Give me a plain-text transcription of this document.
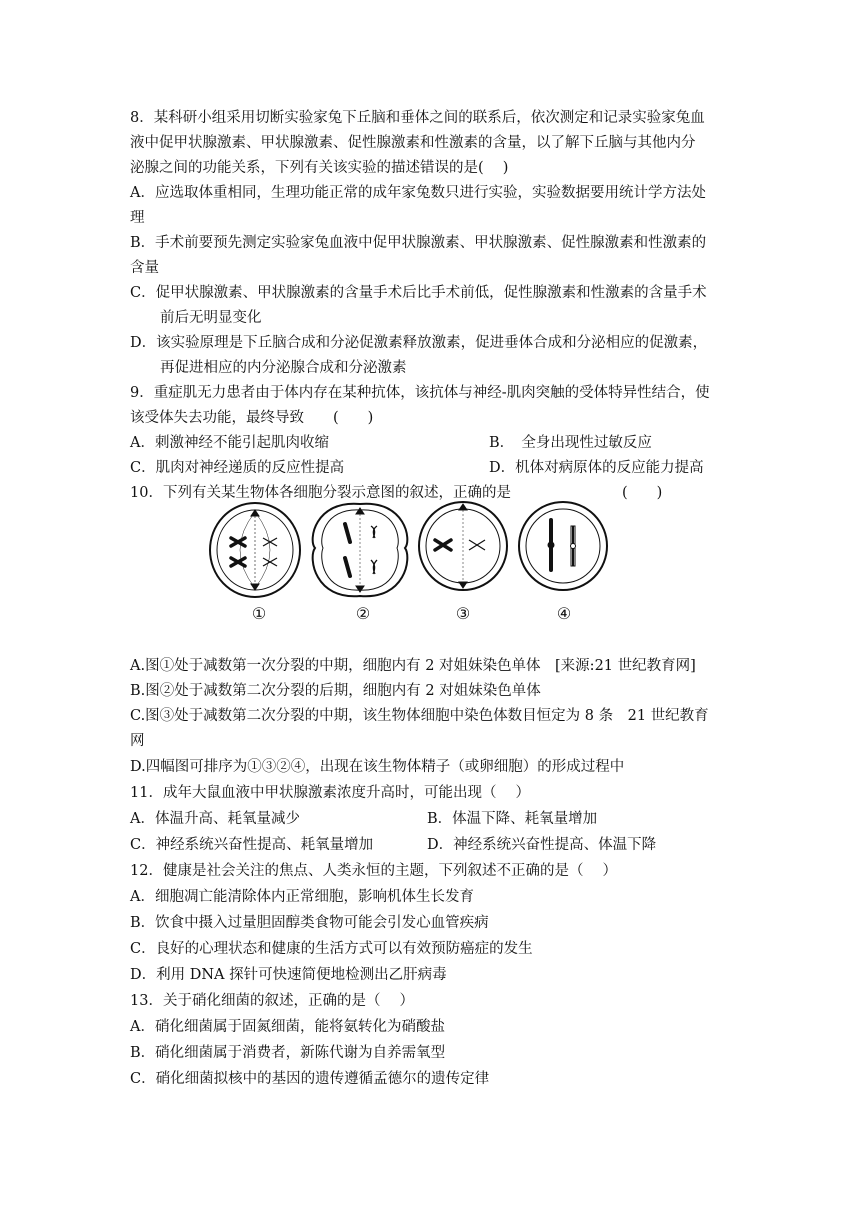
8．某科研小组采用切断实验家兔下丘脑和垂体之间的联系后，依次测定和记录实验家兔血
液中促甲状腺激素、甲状腺激素、促性腺激素和性激素的含量，以了解下丘脑与其他内分
泌腺之间的功能关系，下列有关该实验的描述错误的是(　 )
A．应选取体重相同，生理功能正常的成年家兔数只进行实验，实验数据要用统计学方法处
理
B．手术前要预先测定实验家兔血液中促甲状腺激素、甲状腺激素、促性腺激素和性激素的
含量
C．促甲状腺激素、甲状腺激素的含量手术后比手术前低，促性腺激素和性激素的含量手术
前后无明显变化
D．该实验原理是下丘脑合成和分泌促激素释放激素，促进垂体合成和分泌相应的促激素，
再促进相应的内分泌腺合成和分泌激素
9．重症肌无力患者由于体内存在某种抗体，该抗体与神经-肌肉突触的受体特异性结合，使
该受体失去功能，最终导致　　(　　)
A．刺激神经不能引起肌肉收缩	B．　全身出现性过敏反应
C．肌肉对神经递质的反应性提高	D．机体对病原体的反应能力提高
10．下列有关某生物体各细胞分裂示意图的叙述，正确的是	(　　)
①	②	③	④
A.图①处于减数第一次分裂的中期，细胞内有 2 对姐妹染色单体　[来源:21 世纪教育网]
B.图②处于减数第二次分裂的后期，细胞内有 2 对姐妹染色单体
C.图③处于减数第二次分裂的中期，该生物体细胞中染色体数目恒定为 8 条　21 世纪教育
网
D.四幅图可排序为①③②④，出现在该生物体精子（或卵细胞）的形成过程中
11．成年大鼠血液中甲状腺激素浓度升高时，可能出现（　 ）
A．体温升高、耗氧量减少	B．体温下降、耗氧量增加
C．神经系统兴奋性提高、耗氧量增加	D．神经系统兴奋性提高、体温下降
12．健康是社会关注的焦点、人类永恒的主题，下列叙述不正确的是（　 ）
A．细胞凋亡能清除体内正常细胞，影响机体生长发育
B．饮食中摄入过量胆固醇类食物可能会引发心血管疾病
C．良好的心理状态和健康的生活方式可以有效预防癌症的发生
D．利用 DNA 探针可快速简便地检测出乙肝病毒
13．关于硝化细菌的叙述，正确的是（　 ）
A．硝化细菌属于固氮细菌，能将氨转化为硝酸盐
B．硝化细菌属于消费者，新陈代谢为自养需氧型
C．硝化细菌拟核中的基因的遗传遵循孟德尔的遗传定律
